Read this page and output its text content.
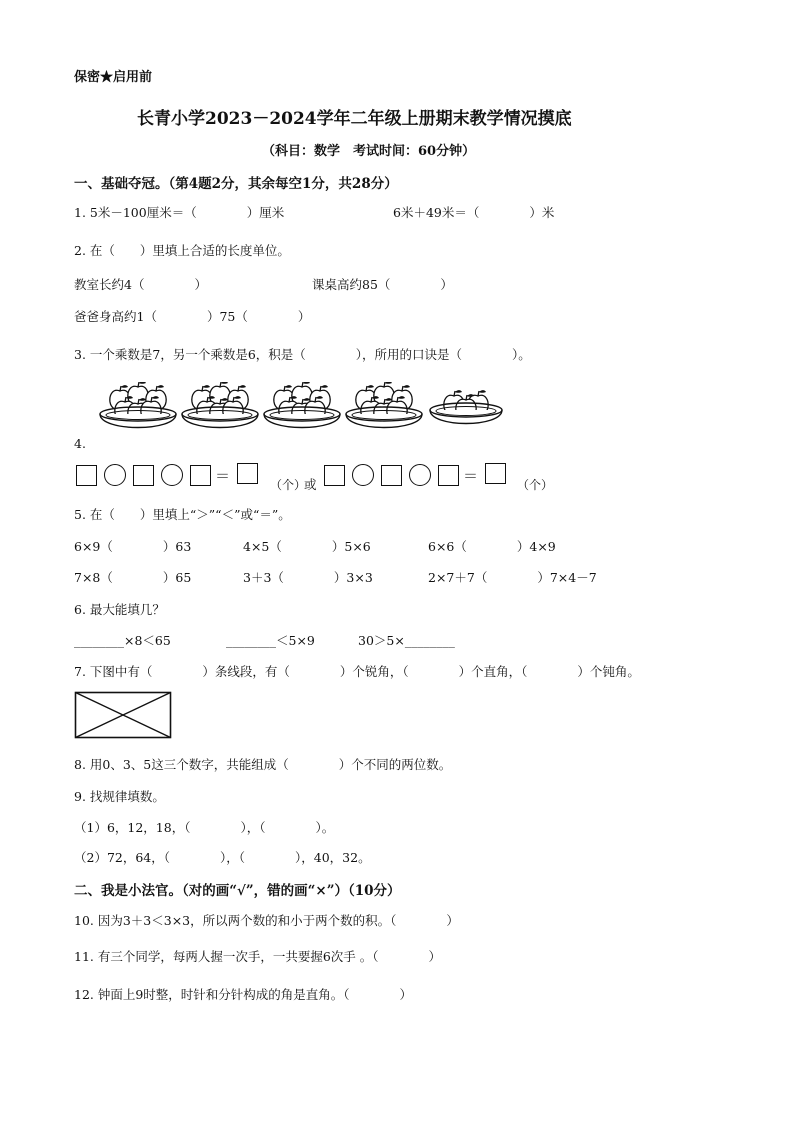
保密★启用前
长青小学2023－2024学年二年级上册期末教学情况摸底
（科目：数学　考试时间：60分钟）
一、基础夺冠。（第4题2分，其余每空1分，共28分）
1. 5米－100厘米＝（　　　　）厘米	6米＋49米＝（　　　　）米
2. 在（　　）里填上合适的长度单位。
教室长约4（　　　　）	课桌高约85（　　　　）
爸爸身高约1（　　　　）75（　　　　）
3. 一个乘数是7，另一个乘数是6，积是（　　　　），所用的口诀是（　　　　）。
4.
＝	（个）
或	＝	（个）
5. 在（　　）里填上“＞”“＜”或“＝”。
6×9（　　　　）63	4×5（　　　　）5×6	6×6（　　　　）4×9
7×8（　　　　）65	3＋3（　　　　）3×3	2×7＋7（　　　　）7×4－7
6. 最大能填几？
________×8＜65	________＜5×9	30＞5×________
7. 下图中有（　　　　）条线段，有（　　　　）个锐角，（　　　　）个直角，（　　　　）个钝角。
8. 用0、3、5这三个数字，共能组成（　　　　）个不同的两位数。
9. 找规律填数。
（1）6，12，18，（　　　　），（　　　　）。
（2）72，64，（　　　　），（　　　　），40，32。
二、我是小法官。（对的画“√”，错的画“×”）（10分）
10. 因为3＋3＜3×3，所以两个数的和小于两个数的积。（　　　　）
11. 有三个同学，每两人握一次手，一共要握6次手 。（　　　　）
12. 钟面上9时整，时针和分针构成的角是直角。（　　　　）
